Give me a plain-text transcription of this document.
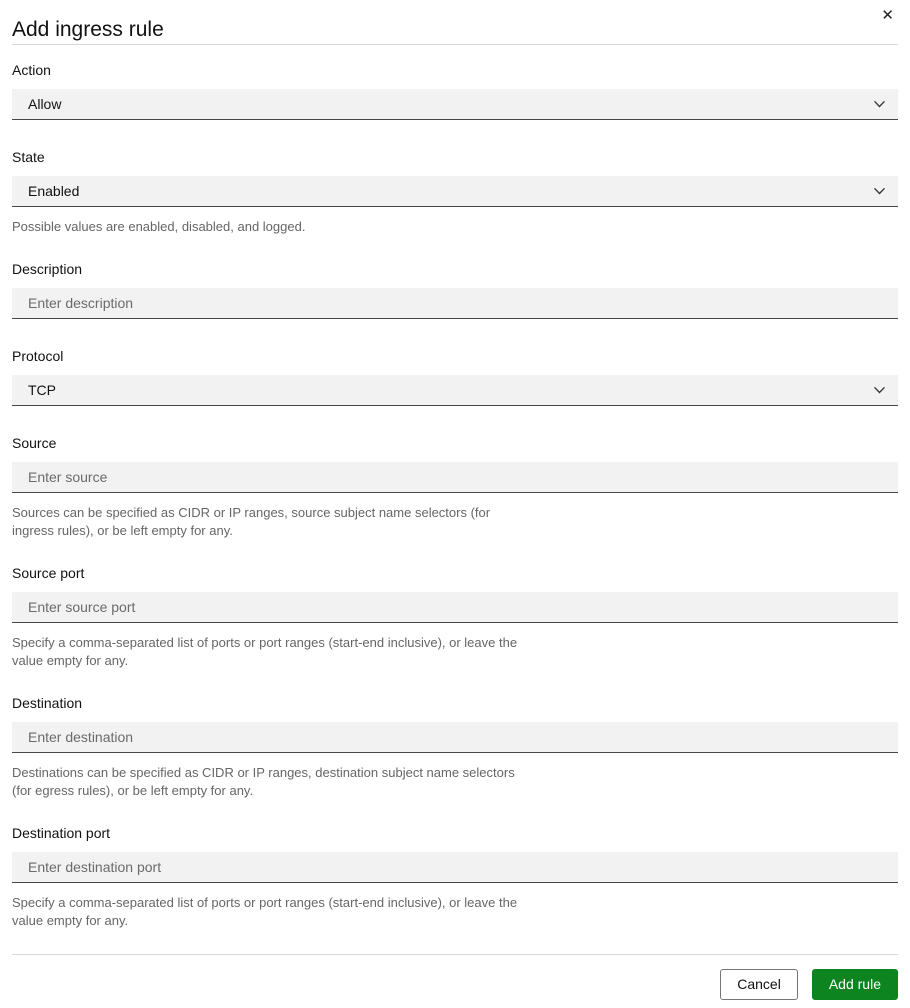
Add ingress rule
✕
Action
Allow
State
Enabled

Possible values are enabled, disabled, and logged.

Description
Enter description
Protocol
TCP
Source
Enter source

Sources can be specified as CIDR or IP ranges, source subject name selectors (for ingress rules), or be left empty for any.

Source port
Enter source port

Specify a comma-separated list of ports or port ranges (start-end inclusive), or leave the value empty for any.

Destination
Enter destination

Destinations can be specified as CIDR or IP ranges, destination subject name selectors (for egress rules), or be left empty for any.

Destination port
Enter destination port

Specify a comma-separated list of ports or port ranges (start-end inclusive), or leave the value empty for any.

Cancel	Add rule
